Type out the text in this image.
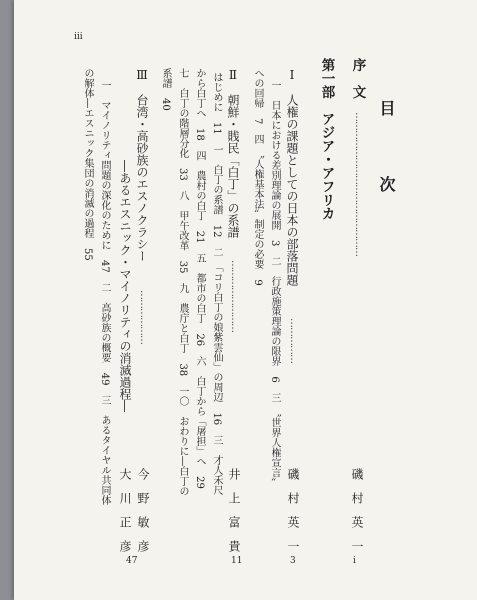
iii
目　次
序　文
…………………………………………
磯　村　英　一
i
第一部　アジア・アフリカ
Ⅰ　人権の課題としての日本の部落問題
……………
磯　村　英　一
3
一　日本における差別理論の展開　3　二　行政施策理論の限界　6　三　〝世界人権宣言〟
への回帰　7　四　〝人権基本法〟制定の必要　9
Ⅱ　朝鮮・賎民「白丁」の系譜
……………………
井　上　富　貴
11
はじめに　11　一　白丁の系譜　12　二　「コリ白丁の娘紫雲仙」の周辺　16　三　才人禾尺
から白丁へ　18　四　農村の白丁　21　五　都市の白丁　26　六　白丁から「屠担」へ　29
七　白丁の階層分化　33　八　甲午改革　35　九　農庁と白丁　38　一〇　おわりに―白丁の
系譜　40
Ⅲ　台湾・高砂族のエスノクラシー
………………
―あるエスニック・マイノリティの消滅過程―
今　野　敏　彦
大　川　正　彦
47
一　マイノリティ問題の深化のために　47　二　高砂族の概要　49　三　あるタイヤル共同体
の解体―エスニック集団の消滅の過程　55
